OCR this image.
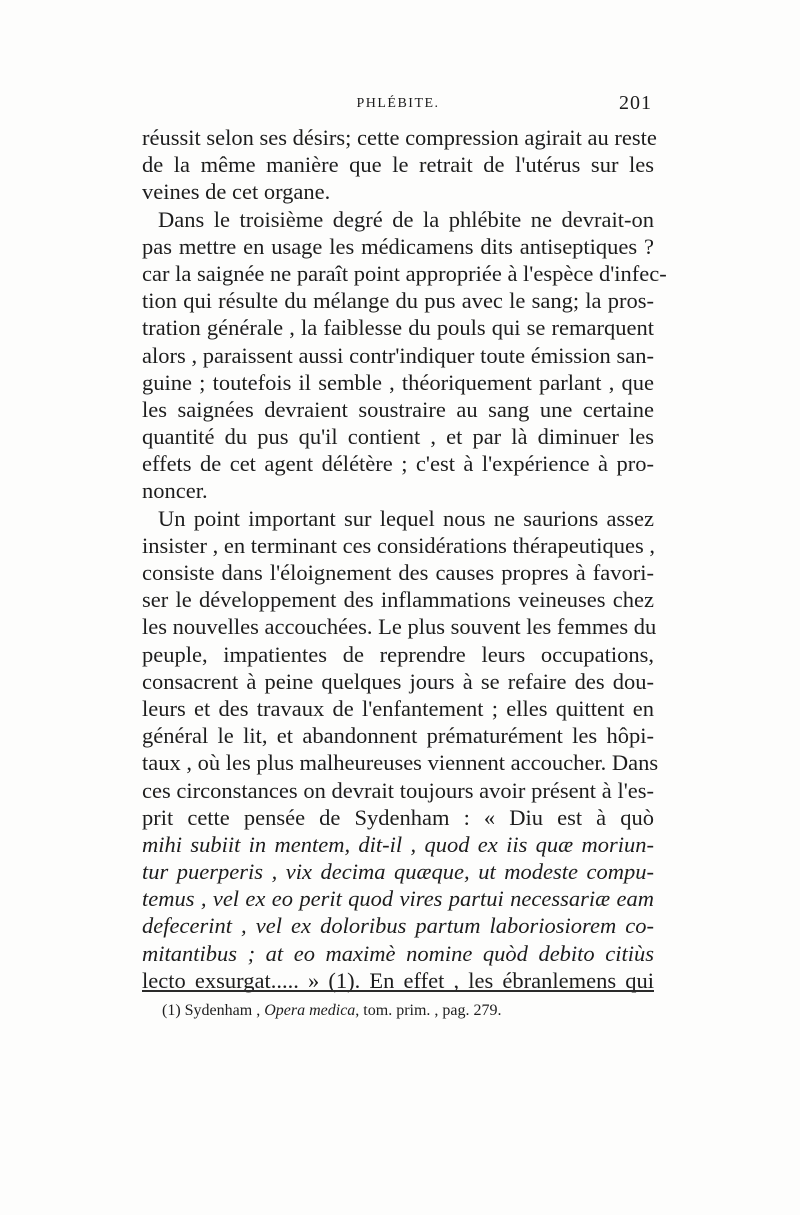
PHLÉBITE.	201
réussit selon ses désirs; cette compression agirait au reste
de la même manière que le retrait de l'utérus sur les
veines de cet organe.
Dans le troisième degré de la phlébite ne devrait-on
pas mettre en usage les médicamens dits antiseptiques ?
car la saignée ne paraît point appropriée à l'espèce d'infec-
tion qui résulte du mélange du pus avec le sang; la pros-
tration générale , la faiblesse du pouls qui se remarquent
alors , paraissent aussi contr'indiquer toute émission san-
guine ; toutefois il semble , théoriquement parlant , que
les saignées devraient soustraire au sang une certaine
quantité du pus qu'il contient , et par là diminuer les
effets de cet agent délétère ; c'est à l'expérience à pro-
noncer.
Un point important sur lequel nous ne saurions assez
insister , en terminant ces considérations thérapeutiques ,
consiste dans l'éloignement des causes propres à favori-
ser le développement des inflammations veineuses chez
les nouvelles accouchées. Le plus souvent les femmes du
peuple, impatientes de reprendre leurs occupations,
consacrent à peine quelques jours à se refaire des dou-
leurs et des travaux de l'enfantement ; elles quittent en
général le lit, et abandonnent prématurément les hôpi-
taux , où les plus malheureuses viennent accoucher. Dans
ces circonstances on devrait toujours avoir présent à l'es-
prit cette pensée de Sydenham : « Diu est à quò
mihi subiit in mentem, dit-il , quod ex iis quæ moriun-
tur puerperis , vix decima quæque, ut modeste compu-
temus , vel ex eo perit quod vires partui necessariæ eam
defecerint , vel ex doloribus partum laboriosiorem co-
mitantibus ; at eo maximè nomine quòd debito citiùs
lecto exsurgat..... » (1). En effet , les ébranlemens qui
(1) Sydenham , Opera medica, tom. prim. , pag. 279.
